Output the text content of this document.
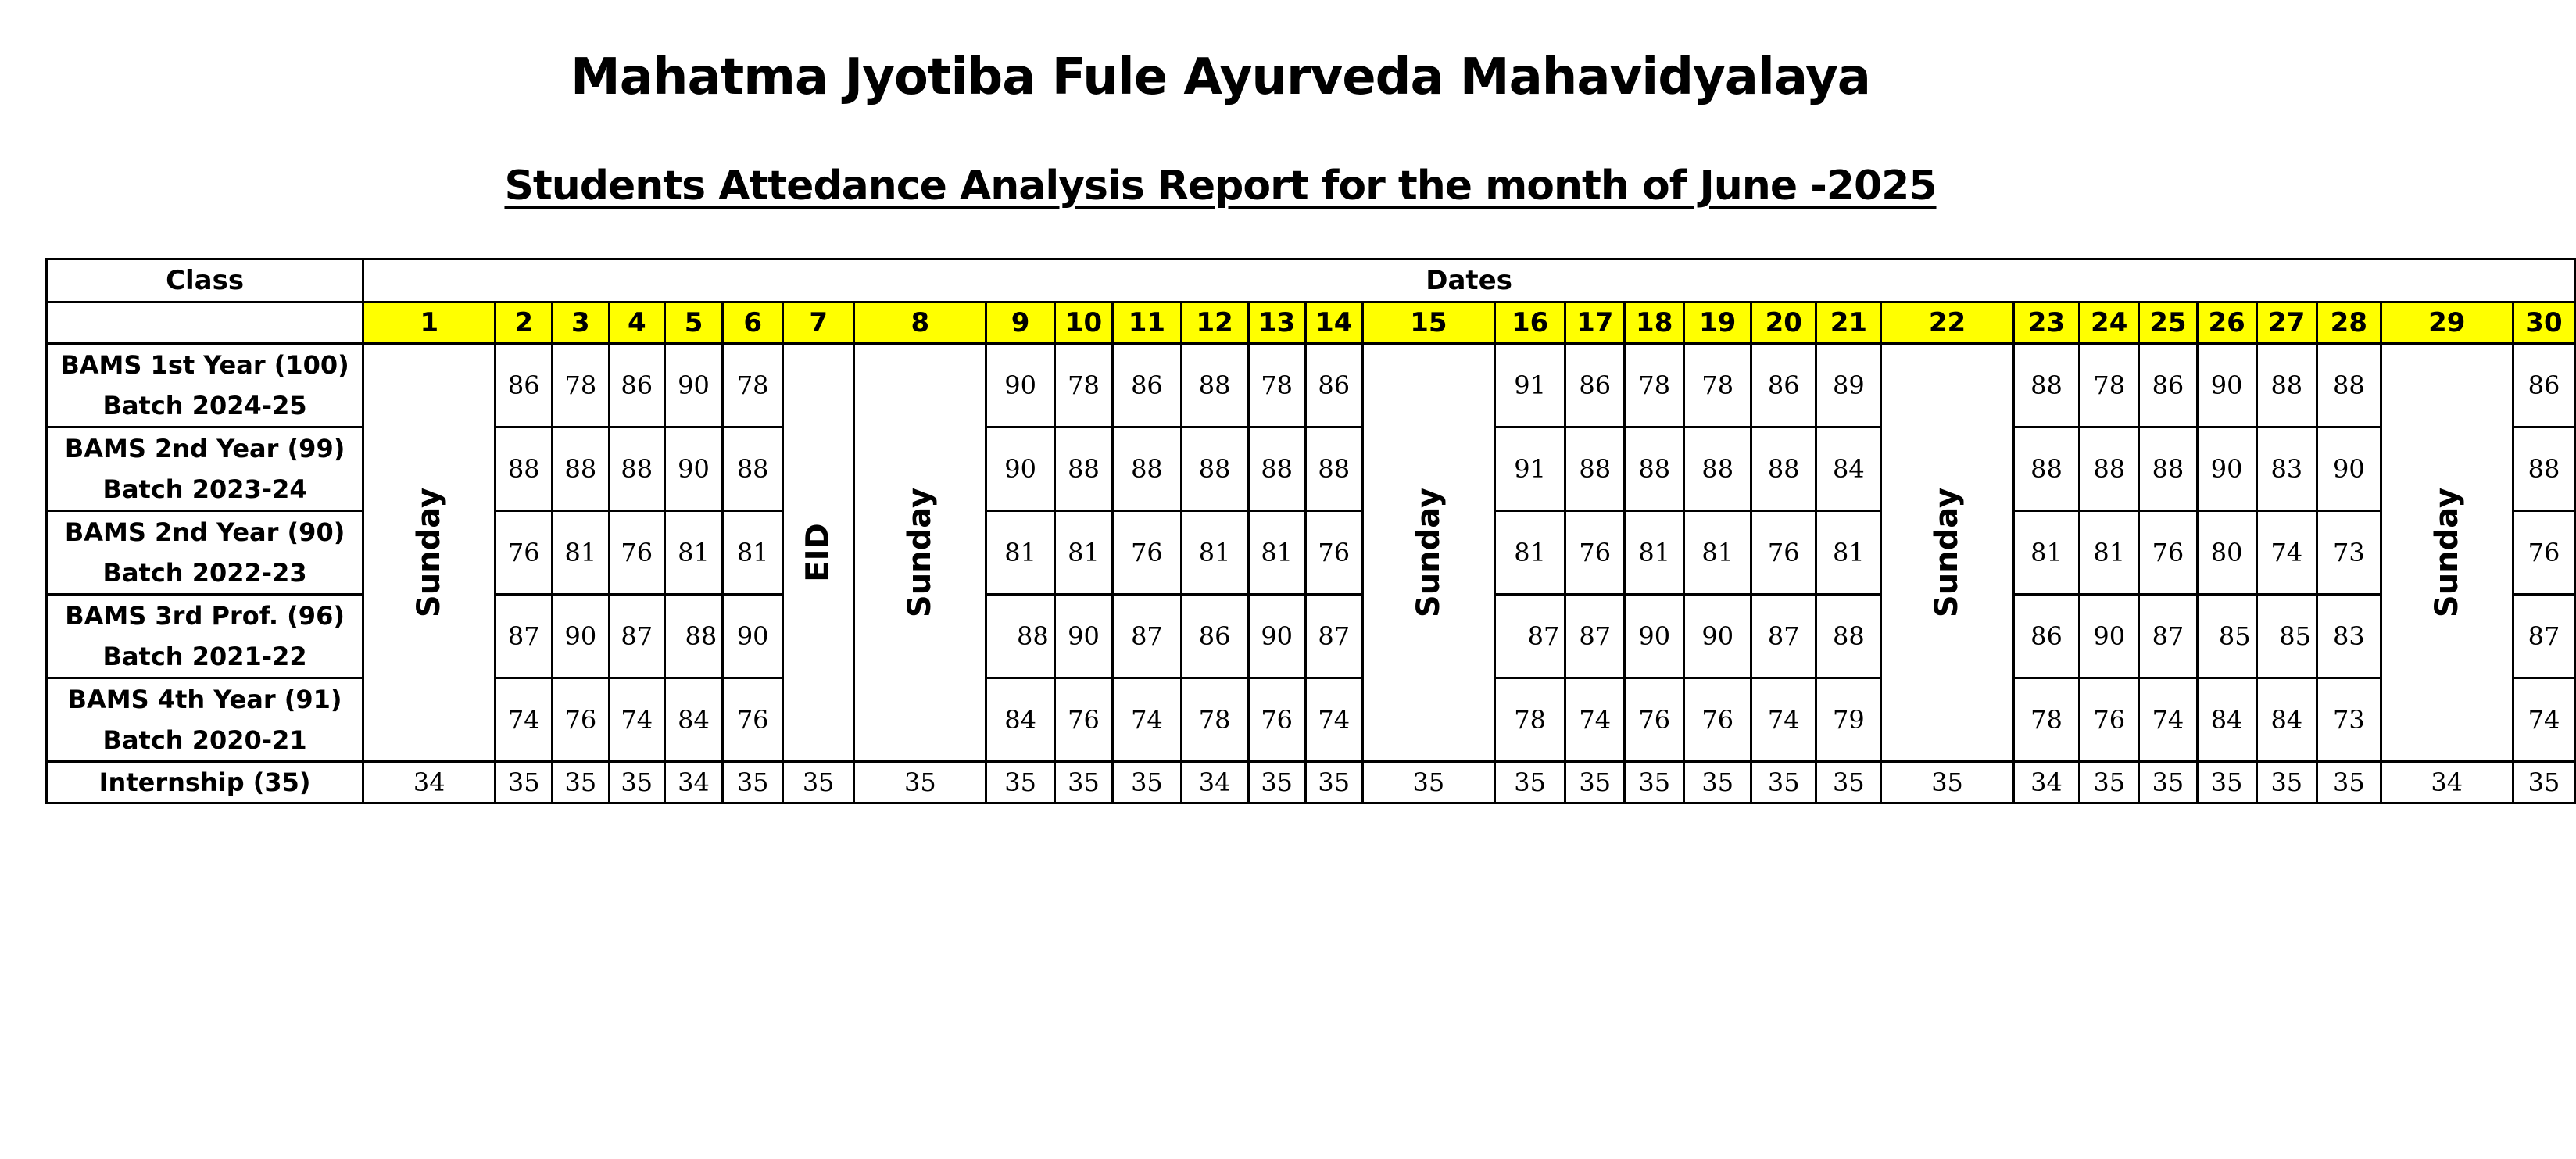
Mahatma Jyotiba Fule Ayurveda Mahavidyalaya
Students Attedance Analysis Report for the month of June -2025
Class	Dates																													
	1	2	3	4	5	6	7	8	9	10	11	12	13	14	15	16	17	18	19	20	21	22	23	24	25	26	27	28	29	30

BAMS 1st Year (100)
Batch 2024-25	Sunday	86	78	86	90	78	EID	Sunday	90	78	86	88	78	86	Sunday	91	86	78	78	86	89	Sunday	88	78	86	90	88	88	Sunday	86

BAMS 2nd Year (99)
Batch 2023-24		88	88	88	90	88			90	88	88	88	88	88		91	88	88	88	88	84		88	88	88	90	83	90		88

BAMS 2nd Year (90)
Batch 2022-23		76	81	76	81	81			81	81	76	81	81	76		81	76	81	81	76	81		81	81	76	80	74	73		76

BAMS 3rd Prof. (96)
Batch 2021-22		87	90	87	88	90			88	90	87	86	90	87		87	87	90	90	87	88		86	90	87	85	85	83		87

BAMS 4th Year (91)
Batch 2020-21		74	76	74	84	76			84	76	74	78	76	74		78	74	76	76	74	79		78	76	74	84	84	73		74
Internship (35)	34	35	35	35	34	35	35	35	35	35	35	34	35	35	35	35	35	35	35	35	35	35	34	35	35	35	35	35	34	35
